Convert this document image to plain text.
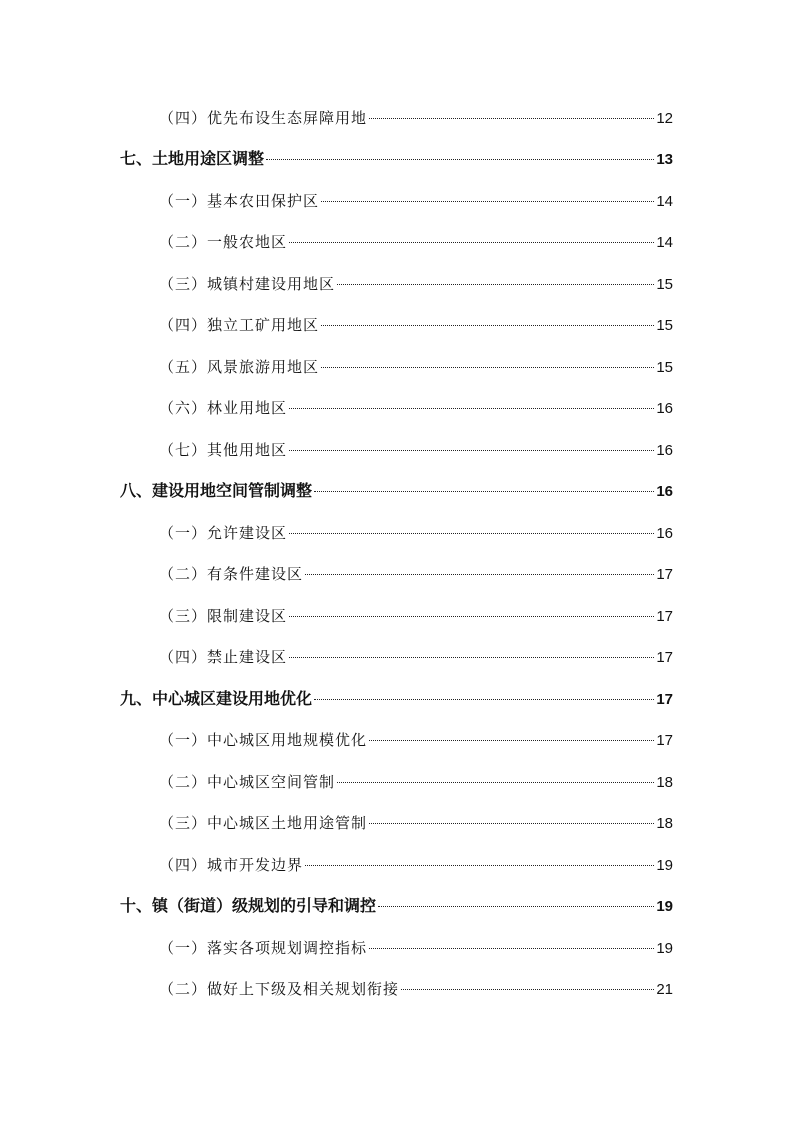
（四）优先布设生态屏障用地	12
七、土地用途区调整	13
（一）基本农田保护区	14
（二）一般农地区	14
（三）城镇村建设用地区	15
（四）独立工矿用地区	15
（五）风景旅游用地区	15
（六）林业用地区	16
（七）其他用地区	16
八、建设用地空间管制调整	16
（一）允许建设区	16
（二）有条件建设区	17
（三）限制建设区	17
（四）禁止建设区	17
九、中心城区建设用地优化	17
（一）中心城区用地规模优化	17
（二）中心城区空间管制	18
（三）中心城区土地用途管制	18
（四）城市开发边界	19
十、镇（街道）级规划的引导和调控	19
（一）落实各项规划调控指标	19
（二）做好上下级及相关规划衔接	21
